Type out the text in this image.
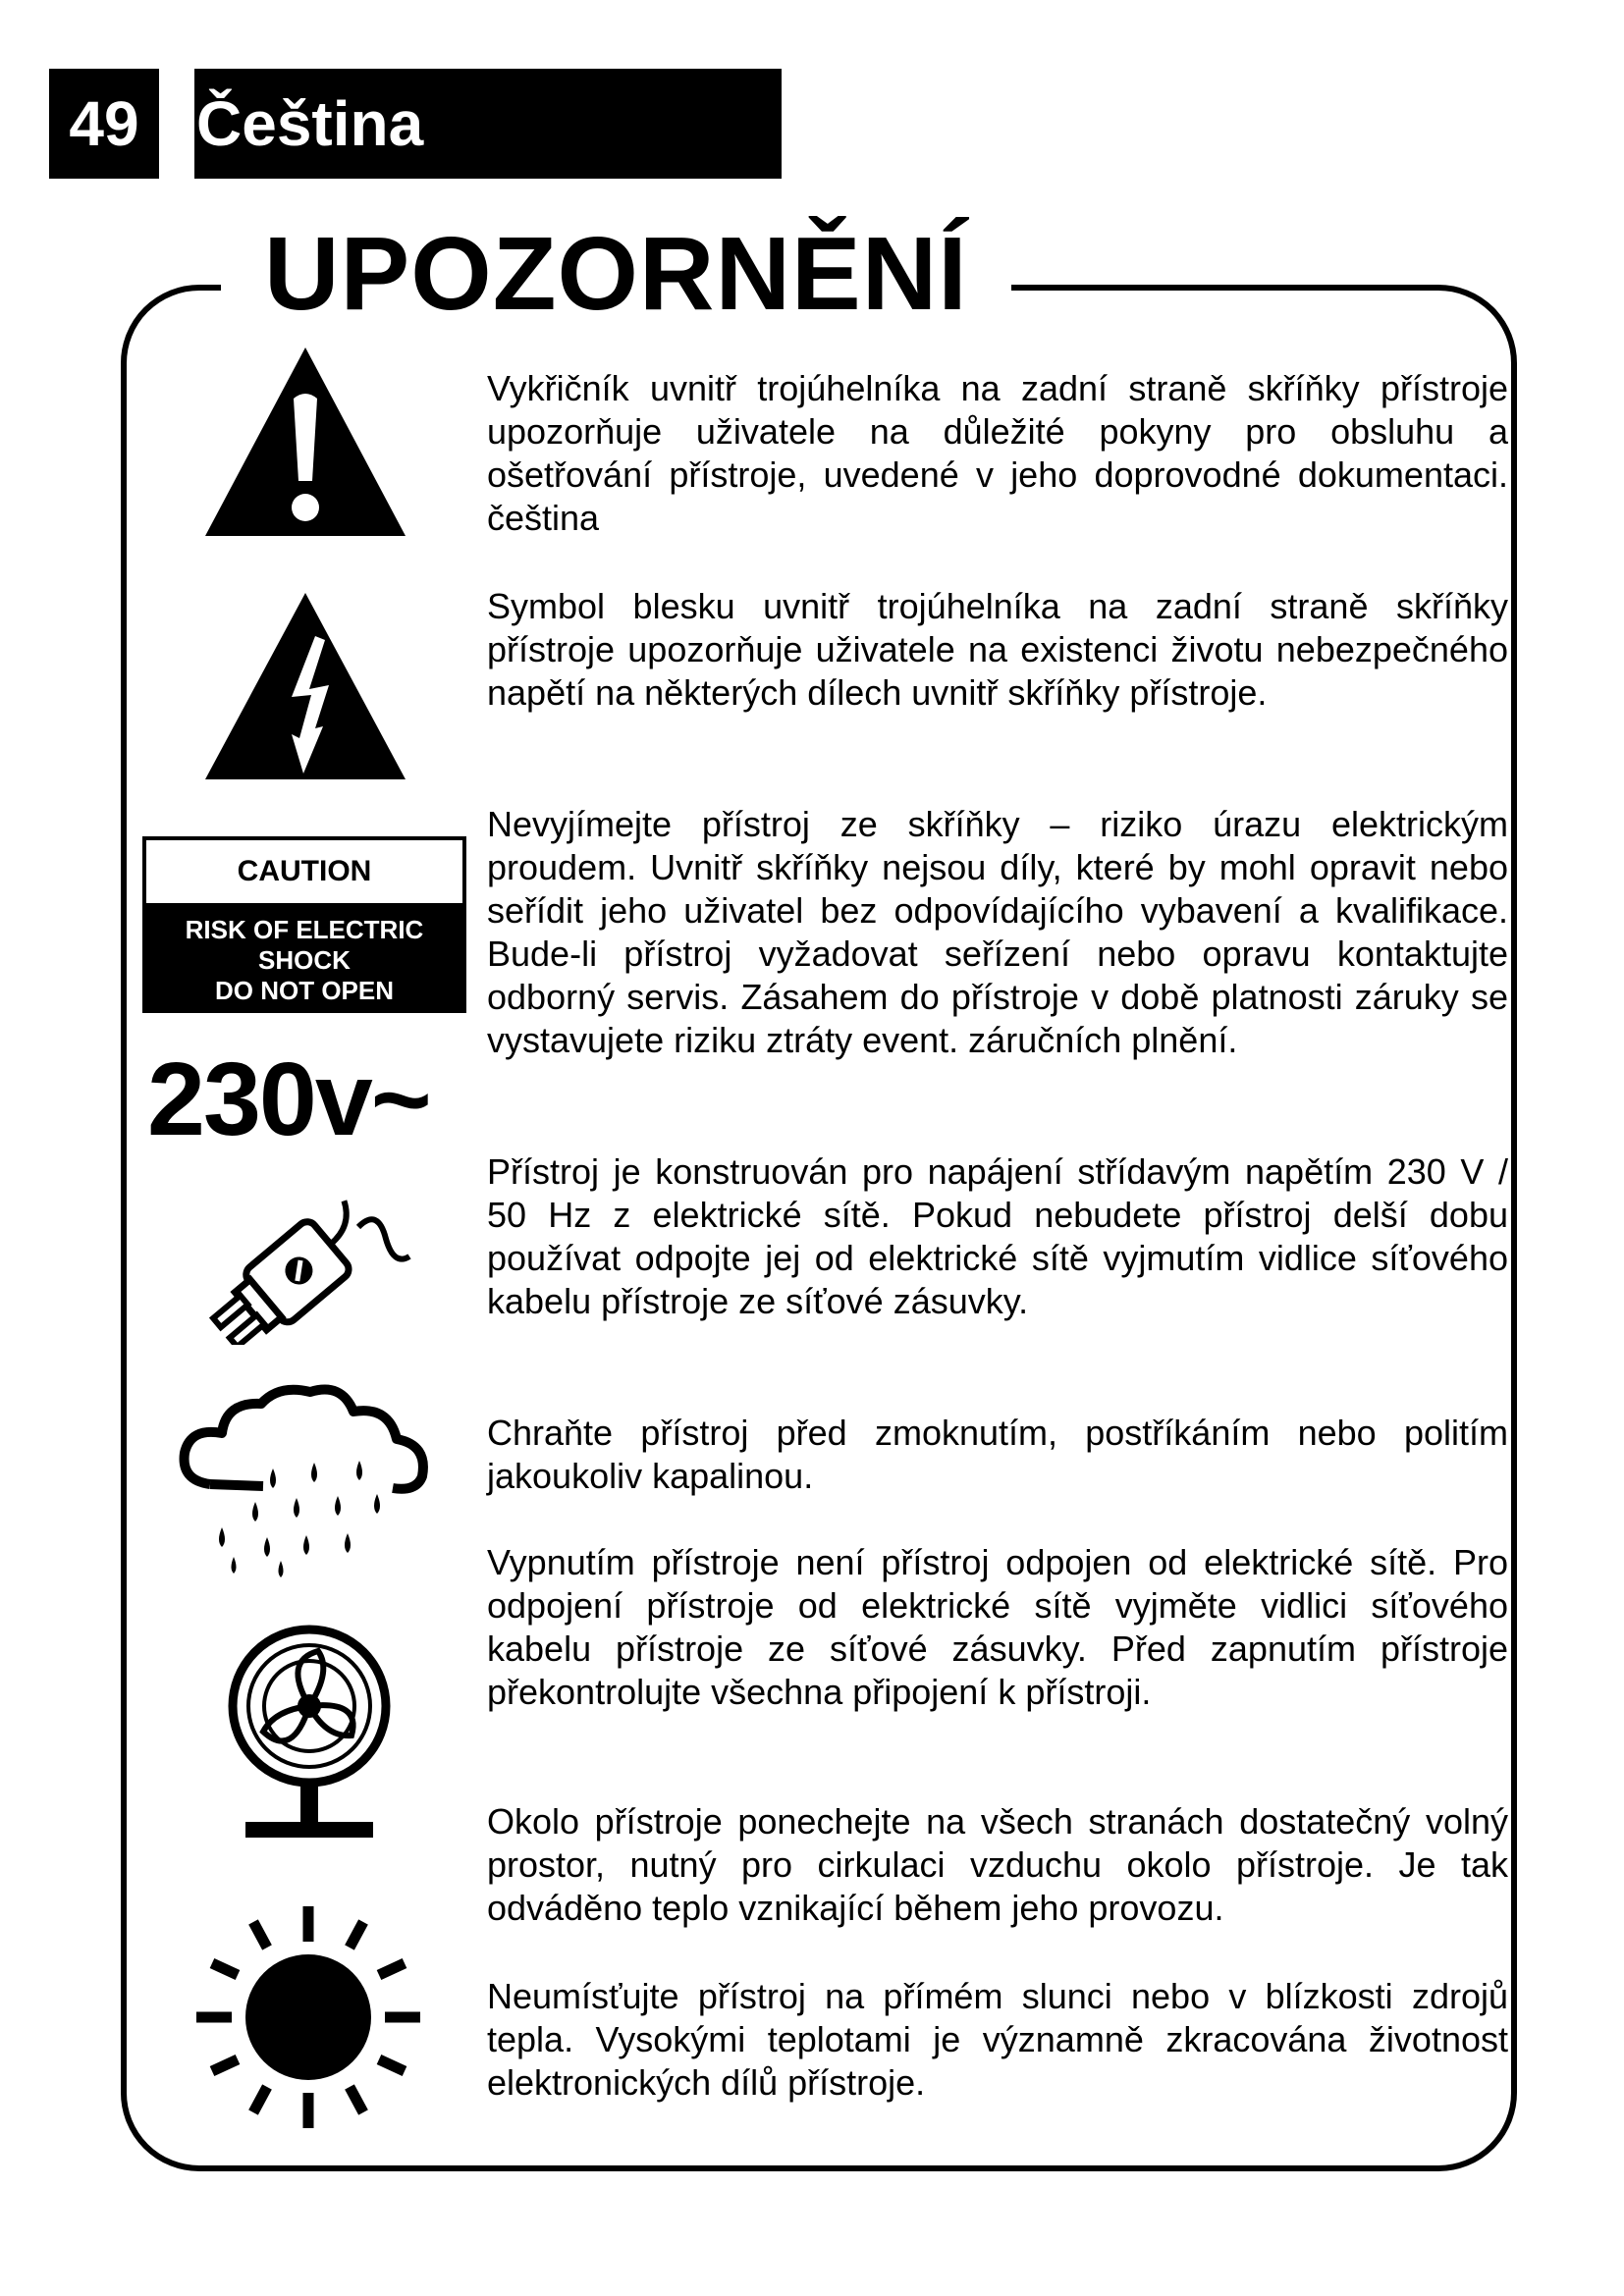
49 Čeština
UPOZORNĚNÍ
CAUTION
RISK OF ELECTRIC
SHOCK
DO NOT OPEN
230v~
Vykřičník uvnitř trojúhelníka na zadní straně skříňky přístroje upozorňuje uživatele na důležité pokyny pro obsluhu a ošetřování přístroje, uvedené v jeho doprovodné dokumentaci. čeština
Symbol blesku uvnitř trojúhelníka na zadní straně skříňky přístroje upozorňuje uživatele na existenci životu nebezpečného napětí na některých dílech uvnitř skříňky přístroje.
Nevyjímejte přístroj ze skříňky – riziko úrazu elektrickým proudem. Uvnitř skříňky nejsou díly, které by mohl opravit nebo seřídit jeho uživatel bez odpovídajícího vybavení a kvalifikace. Bude-li přístroj vyžadovat seřízení nebo opravu kontaktujte odborný servis. Zásahem do přístroje v době platnosti záruky se vystavujete riziku ztráty event. záručních plnění.
Přístroj je konstruován pro napájení střídavým napětím 230 V / 50 Hz z elektrické sítě. Pokud nebudete přístroj delší dobu používat odpojte jej od elektrické sítě vyjmutím vidlice síťového kabelu přístroje ze síťové zásuvky.
Chraňte přístroj před zmoknutím, postříkáním nebo politím jakoukoliv kapalinou.
Vypnutím přístroje není přístroj odpojen od elektrické sítě. Pro odpojení přístroje od elektrické sítě vyjměte vidlici síťového kabelu přístroje ze síťové zásuvky. Před zapnutím přístroje překontrolujte všechna připojení k přístroji.
Okolo přístroje ponechejte na všech stranách dostatečný volný prostor, nutný pro cirkulaci vzduchu okolo přístroje. Je tak odváděno teplo vznikající během jeho provozu.
Neumísťujte přístroj na přímém slunci nebo v blízkosti zdrojů tepla. Vysokými teplotami je významně zkracována životnost elektronických dílů přístroje.
